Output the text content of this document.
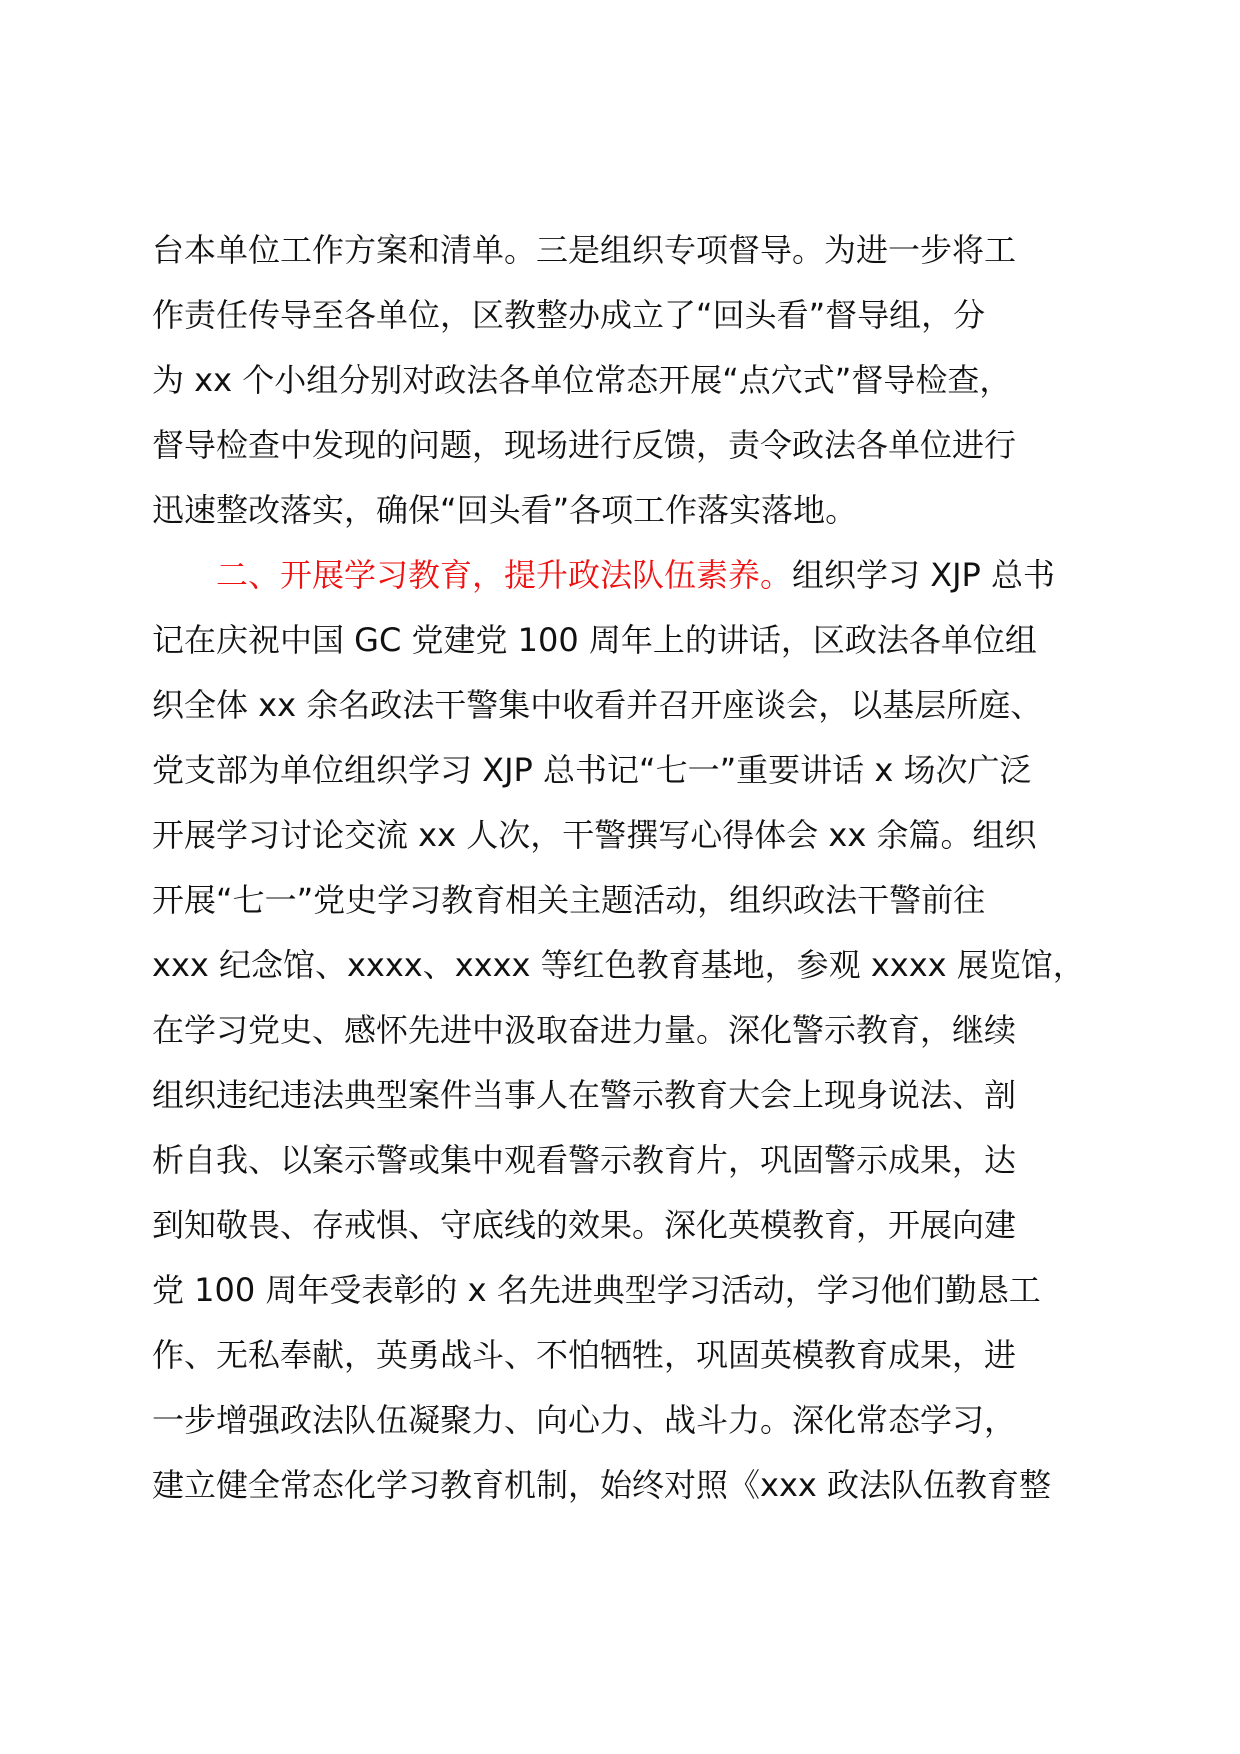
台本单位工作方案和清单。三是组织专项督导。为进一步将工
作责任传导至各单位，区教整办成立了“回头看”督导组，分
为 xx 个小组分别对政法各单位常态开展“点穴式”督导检查，
督导检查中发现的问题，现场进行反馈，责令政法各单位进行
迅速整改落实，确保“回头看”各项工作落实落地。
二、开展学习教育，提升政法队伍素养。组织学习 XJP 总书
记在庆祝中国 GC 党建党 100 周年上的讲话，区政法各单位组
织全体 xx 余名政法干警集中收看并召开座谈会，以基层所庭、
党支部为单位组织学习 XJP 总书记“七一”重要讲话 x 场次广泛
开展学习讨论交流 xx 人次，干警撰写心得体会 xx 余篇。组织
开展“七一”党史学习教育相关主题活动，组织政法干警前往
xxx 纪念馆、xxxx、xxxx 等红色教育基地，参观 xxxx 展览馆，
在学习党史、感怀先进中汲取奋进力量。深化警示教育，继续
组织违纪违法典型案件当事人在警示教育大会上现身说法、剖
析自我、以案示警或集中观看警示教育片，巩固警示成果，达
到知敬畏、存戒惧、守底线的效果。深化英模教育，开展向建
党 100 周年受表彰的 x 名先进典型学习活动，学习他们勤恳工
作、无私奉献，英勇战斗、不怕牺牲，巩固英模教育成果，进
一步增强政法队伍凝聚力、向心力、战斗力。深化常态学习，
建立健全常态化学习教育机制，始终对照《xxx 政法队伍教育整
